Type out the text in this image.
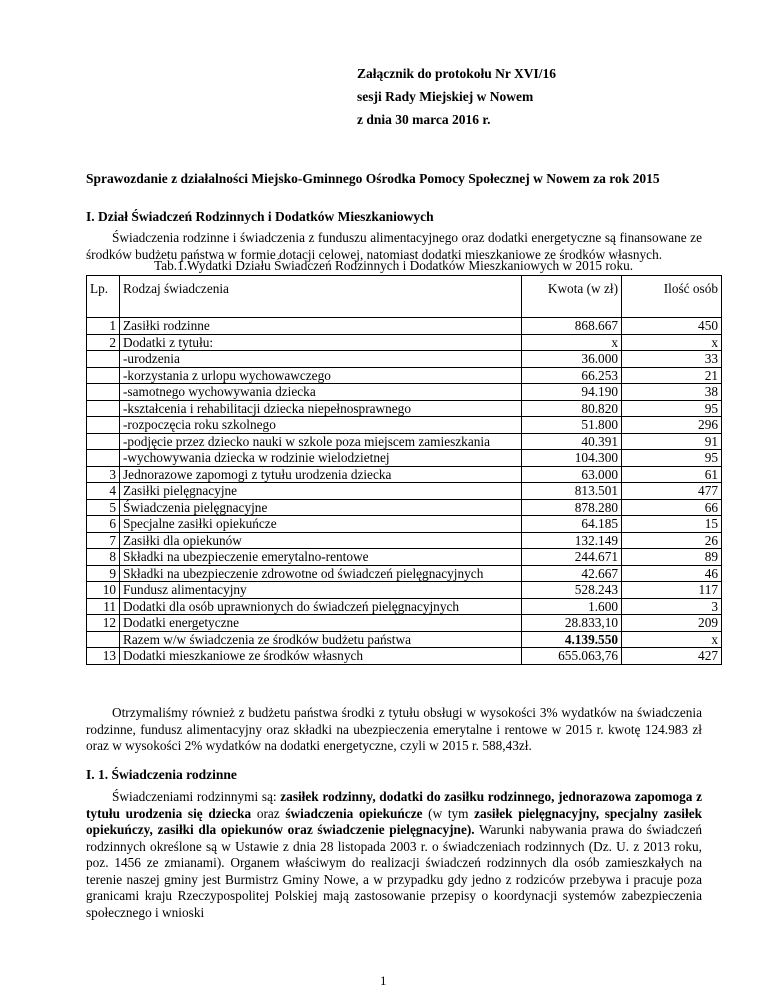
Załącznik do protokołu Nr XVI/16
sesji Rady Miejskiej w Nowem
z dnia 30 marca 2016 r.
Sprawozdanie z działalności Miejsko-Gminnego Ośrodka Pomocy Społecznej w Nowem za rok 2015
I. Dział Świadczeń Rodzinnych i Dodatków Mieszkaniowych
Świadczenia rodzinne i świadczenia z funduszu alimentacyjnego oraz dodatki energetyczne są finansowane ze środków budżetu państwa w formie dotacji celowej, natomiast dodatki mieszkaniowe ze środków własnych.
Tab.1.Wydatki Działu Świadczeń Rodzinnych i Dodatków Mieszkaniowych w 2015 roku.
Lp.	Rodzaj świadczenia	Kwota (w zł)	Ilość osób
1	Zasiłki rodzinne	868.667	450
2	Dodatki z tytułu:	x	x
	-urodzenia	36.000	33
	-korzystania z urlopu wychowawczego	66.253	21
	-samotnego wychowywania dziecka	94.190	38
	-kształcenia i rehabilitacji dziecka niepełnosprawnego	80.820	95
	-rozpoczęcia roku szkolnego	51.800	296
	-podjęcie przez dziecko nauki w szkole poza miejscem zamieszkania	40.391	91
	-wychowywania dziecka w rodzinie wielodzietnej	104.300	95
3	Jednorazowe zapomogi z tytułu urodzenia dziecka	63.000	61
4	Zasiłki pielęgnacyjne	813.501	477
5	Świadczenia pielęgnacyjne	878.280	66
6	Specjalne zasiłki opiekuńcze	64.185	15
7	Zasiłki dla opiekunów	132.149	26
8	Składki na ubezpieczenie emerytalno-rentowe	244.671	89
9	Składki na ubezpieczenie zdrowotne od świadczeń pielęgnacyjnych	42.667	46
10	Fundusz alimentacyjny	528.243	117
11	Dodatki dla osób uprawnionych do świadczeń pielęgnacyjnych	1.600	3
12	Dodatki energetyczne	28.833,10	209
	Razem w/w świadczenia ze środków budżetu państwa	4.139.550	x
13	Dodatki mieszkaniowe ze środków własnych	655.063,76	427
Otrzymaliśmy również z budżetu państwa środki z tytułu obsługi w wysokości 3% wydatków na świadczenia rodzinne, fundusz alimentacyjny oraz składki na ubezpieczenia emerytalne i rentowe w 2015 r. kwotę 124.983 zł oraz w wysokości 2% wydatków na dodatki energetyczne, czyli w 2015 r. 588,43zł.
I. 1. Świadczenia rodzinne
Świadczeniami rodzinnymi są: zasiłek rodzinny, dodatki do zasiłku rodzinnego, jednorazowa zapomoga z tytułu urodzenia się dziecka oraz świadczenia opiekuńcze (w tym zasiłek pielęgnacyjny, specjalny zasiłek opiekuńczy, zasiłki dla opiekunów oraz świadczenie pielęgnacyjne). Warunki nabywania prawa do świadczeń rodzinnych określone są w Ustawie z dnia 28 listopada 2003 r. o świadczeniach rodzinnych (Dz. U. z 2013 roku, poz. 1456 ze zmianami). Organem właściwym do realizacji świadczeń rodzinnych dla osób zamieszkałych na terenie naszej gminy jest Burmistrz Gminy Nowe, a w przypadku gdy jedno z rodziców przebywa i pracuje poza granicami kraju Rzeczypospolitej Polskiej mają zastosowanie przepisy o koordynacji systemów zabezpieczenia społecznego i wnioski
1
